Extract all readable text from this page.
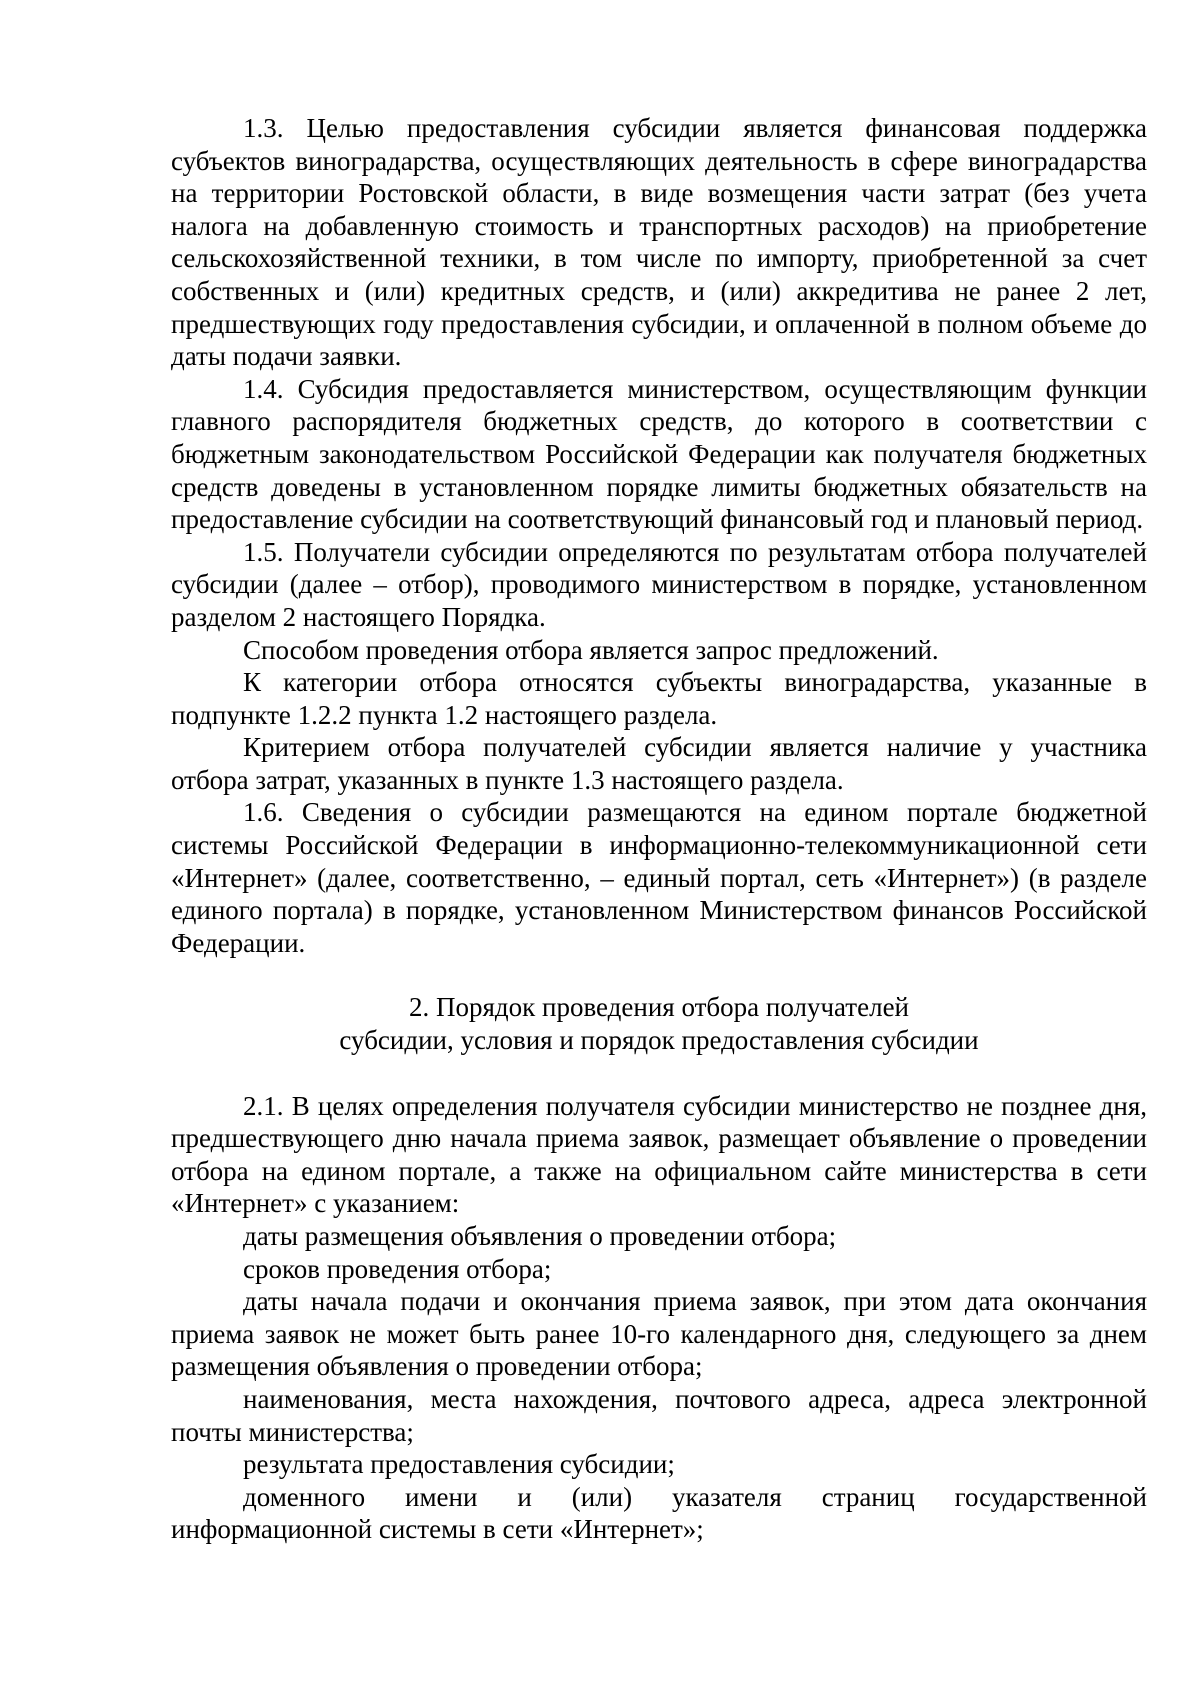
1.3. Целью предоставления субсидии является финансовая поддержка субъектов виноградарства, осуществляющих деятельность в сфере виноградарства на территории Ростовской области, в виде возмещения части затрат (без учета налога на добавленную стоимость и транспортных расходов) на приобретение сельскохозяйственной техники, в том числе по импорту, приобретенной за счет собственных и (или) кредитных средств, и (или) аккредитива не ранее 2 лет, предшествующих году предоставления субсидии, и оплаченной в полном объеме до даты подачи заявки.

1.4. Субсидия предоставляется министерством, осуществляющим функции главного распорядителя бюджетных средств, до которого в соответствии с бюджетным законодательством Российской Федерации как получателя бюджетных средств доведены в установленном порядке лимиты бюджетных обязательств на предоставление субсидии на соответствующий финансовый год и плановый период.

1.5. Получатели субсидии определяются по результатам отбора получателей субсидии (далее – отбор), проводимого министерством в порядке, установленном разделом 2 настоящего Порядка.

Способом проведения отбора является запрос предложений.

К категории отбора относятся субъекты виноградарства, указанные в подпункте 1.2.2 пункта 1.2 настоящего раздела.

Критерием отбора получателей субсидии является наличие у участника отбора затрат, указанных в пункте 1.3 настоящего раздела.

1.6. Сведения о субсидии размещаются на едином портале бюджетной системы Российской Федерации в информационно-телекоммуникационной сети «Интернет» (далее, соответственно, – единый портал, сеть «Интернет») (в разделе единого портала) в порядке, установленном Министерством финансов Российской Федерации.

2. Порядок проведения отбора получателей

субсидии, условия и порядок предоставления субсидии

2.1. В целях определения получателя субсидии министерство не позднее дня, предшествующего дню начала приема заявок, размещает объявление о проведении отбора на едином портале, а также на официальном сайте министерства в сети «Интернет» с указанием:

даты размещения объявления о проведении отбора;

сроков проведения отбора;

даты начала подачи и окончания приема заявок, при этом дата окончания приема заявок не может быть ранее 10-го календарного дня, следующего за днем размещения объявления о проведении отбора;

наименования, места нахождения, почтового адреса, адреса электронной почты министерства;

результата предоставления субсидии;

доменного имени и (или) указателя страниц государственной информационной системы в сети «Интернет»;
